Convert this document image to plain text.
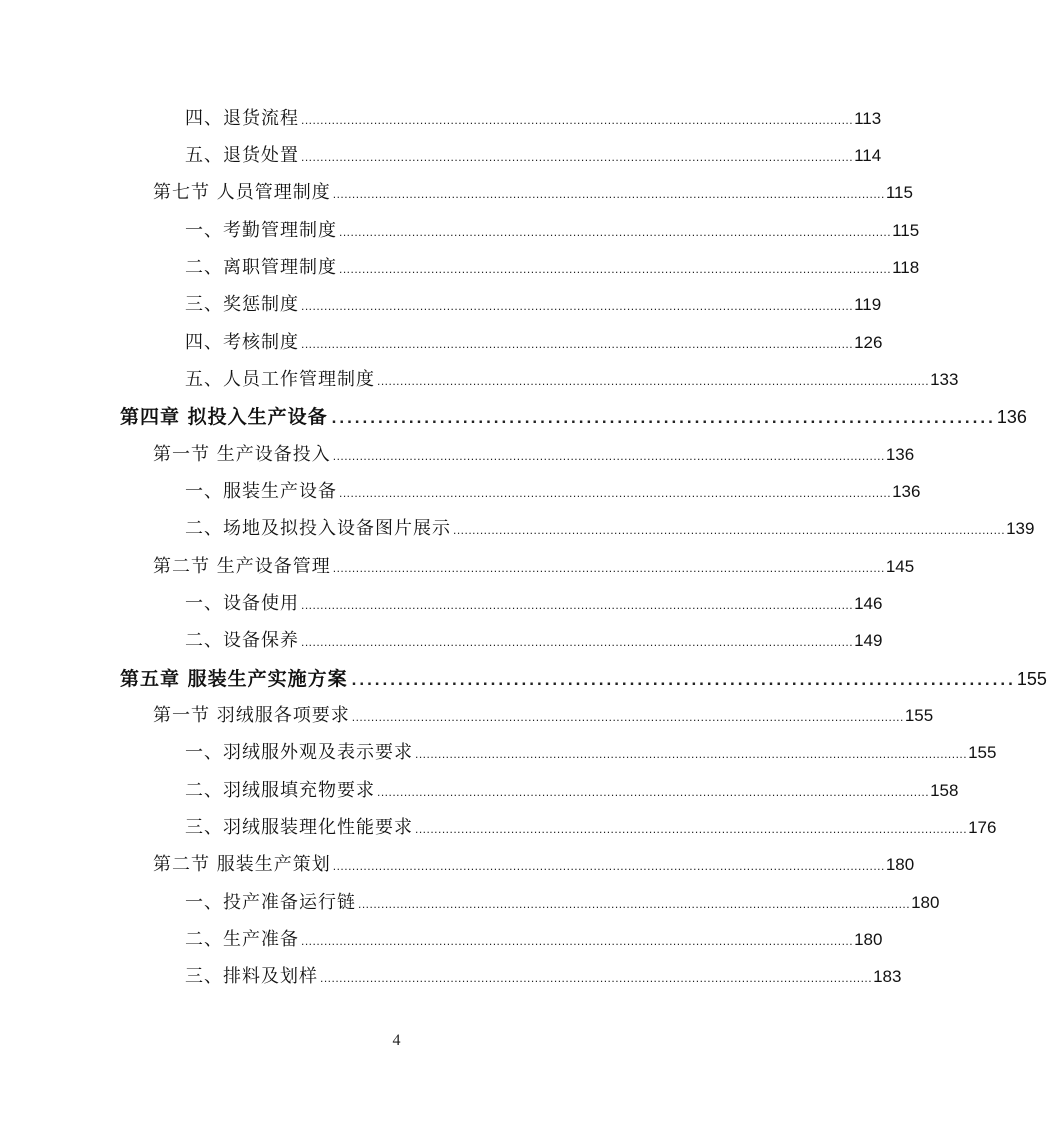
四、退货流程 ................................................................................................................................................ 113
五、退货处置 ................................................................................................................................................ 114
第七节 人员管理制度 ................................................................................................................................................ 115
一、考勤管理制度 ................................................................................................................................................ 115
二、离职管理制度 ................................................................................................................................................ 118
三、奖惩制度 ................................................................................................................................................ 119
四、考核制度 ................................................................................................................................................ 126
五、人员工作管理制度 ................................................................................................................................................ 133
第四章 拟投入生产设备 ...................................................................................... 136
第一节 生产设备投入 ................................................................................................................................................ 136
一、服装生产设备 ................................................................................................................................................ 136
二、场地及拟投入设备图片展示 ................................................................................................................................................ 139
第二节 生产设备管理 ................................................................................................................................................ 145
一、设备使用 ................................................................................................................................................ 146
二、设备保养 ................................................................................................................................................ 149
第五章 服装生产实施方案 ...................................................................................... 155
第一节 羽绒服各项要求 ................................................................................................................................................ 155
一、羽绒服外观及表示要求 ................................................................................................................................................ 155
二、羽绒服填充物要求 ................................................................................................................................................ 158
三、羽绒服装理化性能要求 ................................................................................................................................................ 176
第二节 服装生产策划 ................................................................................................................................................ 180
一、投产准备运行链 ................................................................................................................................................ 180
二、生产准备 ................................................................................................................................................ 180
三、排料及划样 ................................................................................................................................................ 183
4
